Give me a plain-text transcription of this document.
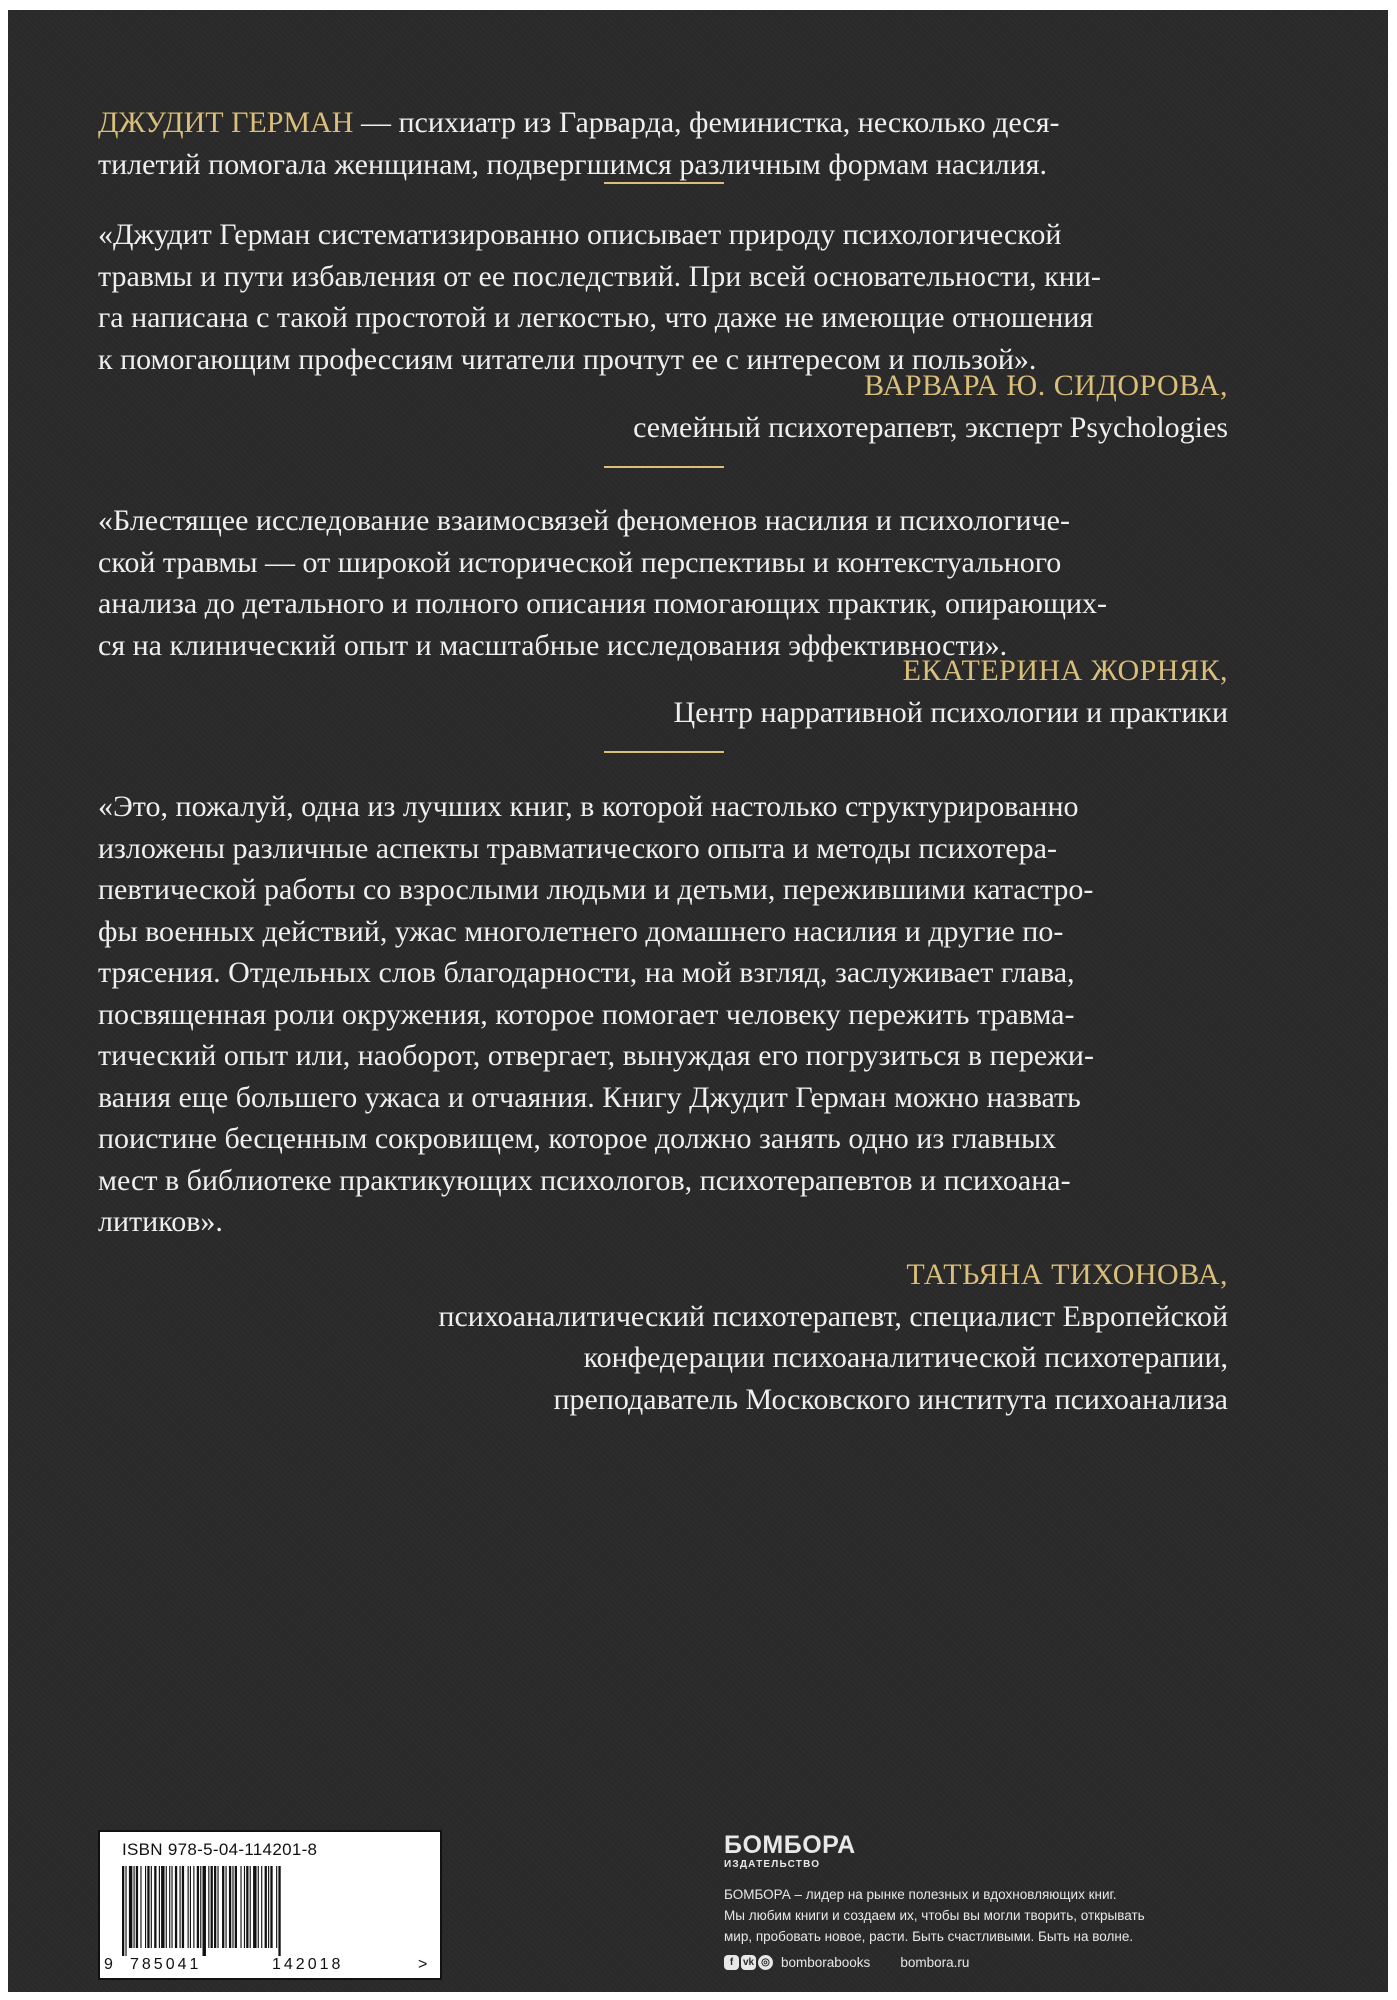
ДЖУДИТ ГЕРМАН — психиатр из Гарварда, феминистка, несколько деся-
тилетий помогала женщинам, подвергшимся различным формам насилия.

«Джудит Герман систематизированно описывает природу психологической
травмы и пути избавления от ее последствий. При всей основательности, кни-
га написана с такой простотой и легкостью, что даже не имеющие отношения
к помогающим профессиям читатели прочтут ее с интересом и пользой».

ВАРВАРА Ю. СИДОРОВА,
семейный психотерапевт, эксперт Psychologies

«Блестящее исследование взаимосвязей феноменов насилия и психологиче-
ской травмы — от широкой исторической перспективы и контекстуального
анализа до детального и полного описания помогающих практик, опирающих-
ся на клинический опыт и масштабные исследования эффективности».

ЕКАТЕРИНА ЖОРНЯК,
Центр нарративной психологии и практики

«Это, пожалуй, одна из лучших книг, в которой настолько структурированно
изложены различные аспекты травматического опыта и методы психотера-
певтической работы со взрослыми людьми и детьми, пережившими катастро-
фы военных действий, ужас многолетнего домашнего насилия и другие по-
трясения. Отдельных слов благодарности, на мой взгляд, заслуживает глава,
посвященная роли окружения, которое помогает человеку пережить травма-
тический опыт или, наоборот, отвергает, вынуждая его погрузиться в пережи-
вания еще большего ужаса и отчаяния. Книгу Джудит Герман можно назвать
поистине бесценным сокровищем, которое должно занять одно из главных
мест в библиотеке практикующих психологов, психотерапевтов и психоана-
литиков».

ТАТЬЯНА ТИХОНОВА,
психоаналитический психотерапевт, специалист Европейской
конфедерации психоаналитической психотерапии,
преподаватель Московского института психоанализа

ISBN 978-5-04-114201-8
9 785041	142018	>
БОМБОРА
ИЗДАТЕЛЬСТВО
БОМБОРА – лидер на рынке полезных и вдохновляющих книг.
Мы любим книги и создаем их, чтобы вы могли творить, открывать
мир, пробовать новое, расти. Быть счастливыми. Быть на волне.
f vk ◎ bomborabooks bombora.ru
